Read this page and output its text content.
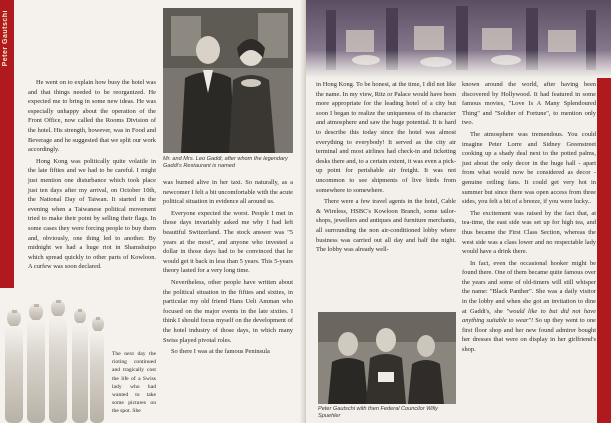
Peter Gautschi

He went on to explain how busy the hotel was and that things needed to be reorganized. He expected me to bring in some new ideas. He was especially unhappy about the operation of the Front Office, now called the Rooms Division of the hotel. His strength, however, was in Food and Beverage and he suggested that we split our work accordingly.

Hong Kong was politically quite volatile in the late fifties and we had to be careful. I might just mention one disturbance which took place just ten days after my arrival, on October 10th, the National Day of Taiwan. It started in the evening when a Taiwanese political movement tried to make their point by selling their flags. In some cases they were forcing people to buy them and, obviously, one thing led to another. By midnight we had a huge riot in Shamshuipo which spread quickly to other parts of Kowloon. A curfew was soon declared.

The next day the rioting continued and tragically cost the life of a Swiss lady who had wanted to take some pictures on the spot. She

Mr. and Mrs. Leo Gaddi, after whom the legendary Gaddi's Restaurant is named

was burned alive in her taxi. So naturally, as a newcomer I felt a bit uncomfortable with the acute political situation in evidence all around us.

Everyone expected the worst. People I met in those days invariably asked me why I had left beautiful Switzerland. The stock answer was "5 years at the most", and anyone who invested a dollar in those days had to be convinced that he would get it back in less than 5 years. This 5-years theory lasted for a very long time.

Nevertheless, other people have written about the political situation in the fifties and sixties, in particular my old friend Hans Ueli Amman who focused on the major events in the late sixties. I think I should focus myself on the development of the hotel industry of those days, in which many Swiss played pivotal roles.

So there I was at the famous Peninsula

in Hong Kong. To be honest, at the time, I did not like the name. In my view, Ritz or Palace would have been more appropriate for the leading hotel of a city but soon I began to realize the uniqueness of its character and atmosphere and saw the huge potential. It is hard to describe this today since the hotel was almost everything to everybody! It served as the city air terminal and most airlines had check-in and ticketing desks there and, to a certain extent, it was even a pick-up point for perishable air freight. It was not uncommon to see shipments of live birds from somewhere to somewhere.

There were a few travel agents in the hotel, Cable & Wireless, HSBC's Kowloon Branch, some tailor-shops, jewellers and antiques and furniture merchants, all surrounding the non air-conditioned lobby where business was carried out all day and half the night. The lobby was already well-

Peter Gautschi with then Federal Councilor Willy Spuehler

known around the world, after having been discovered by Hollywood. It had featured in some famous movies, "Love Is A Many Splendoured Thing" and "Soldier of Fortune", to mention only two.

The atmosphere was tremendous. You could imagine Peter Lorre and Sidney Greenstreet cooking up a shady deal next to the potted palms, just about the only decor in the huge hall - apart from what would now be considered as decor -genuine ceiling fans. It could get very hot in summer but since there was open access from three sides, you felt a bit of a breeze, if you were lucky..

The excitement was raised by the fact that, at tea-time, the east side was set up for high tea, and thus became the First Class Section, whereas the west side was a class lower and no respectable lady would have a drink there.

In fact, even the occasional hooker might be found there. One of them became quite famous over the years and some of old-timers will still whisper the name: "Black Panther". She was a daily visitor in the lobby and when she got an invitation to dine at Gaddi's, she "would like to but did not have anything suitable to wear"! So up they went to one first floor shop and her new found admirer bought her dresses that were on display in her girlfriend's shop.
